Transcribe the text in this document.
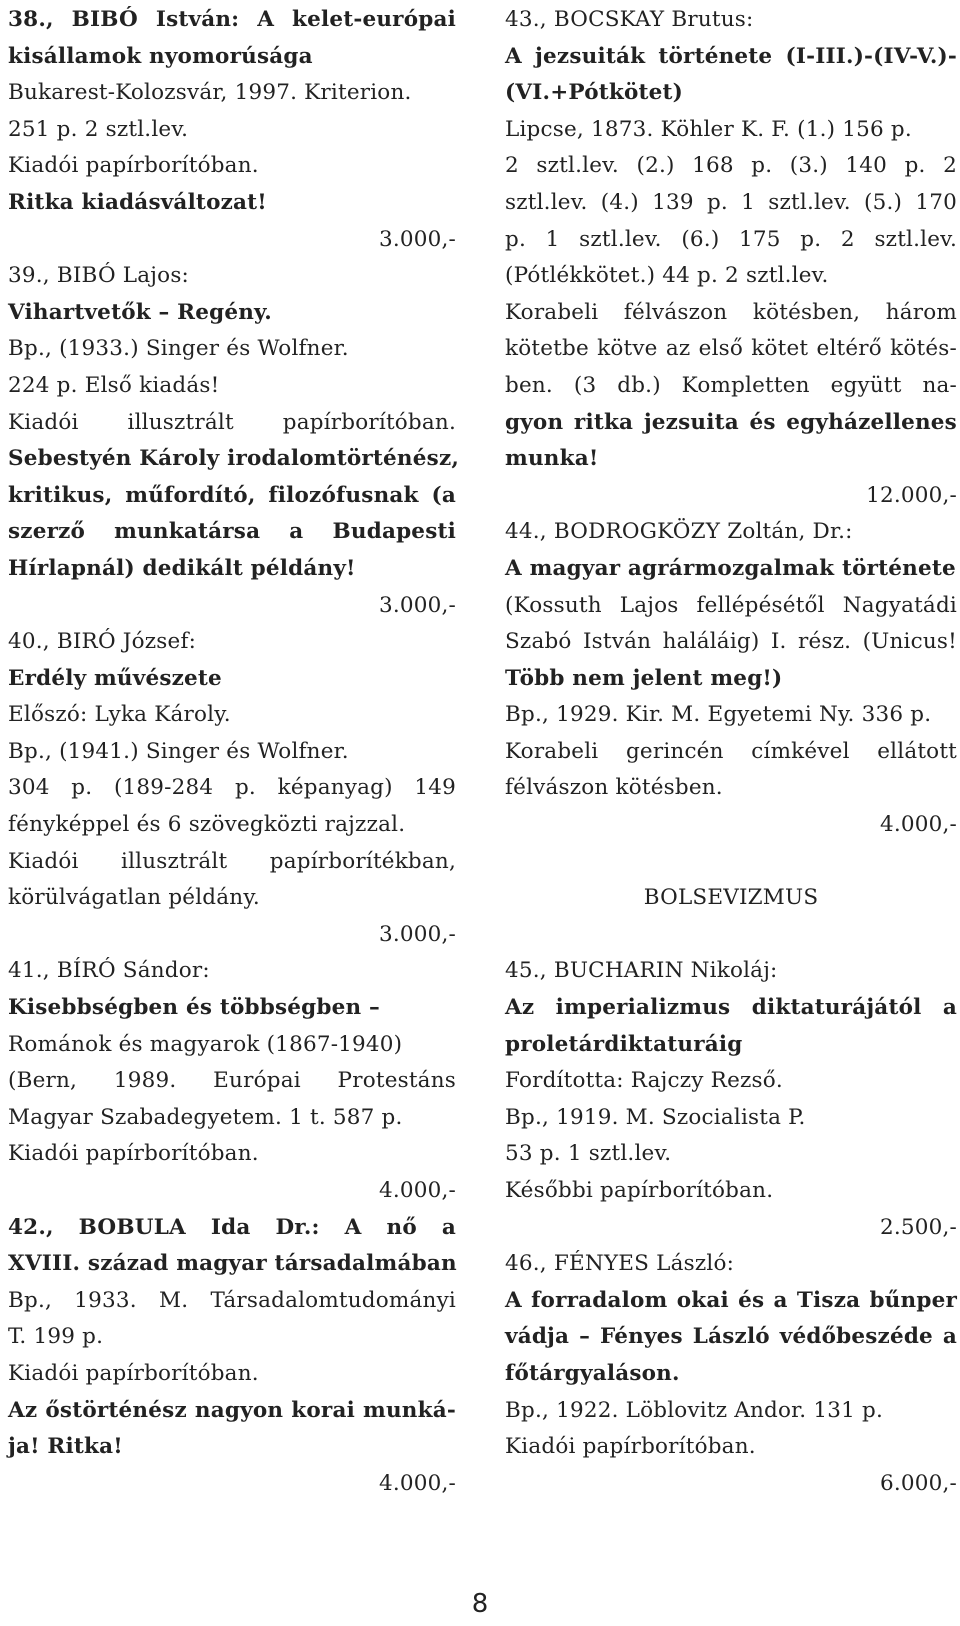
38., BIBÓ István: A kelet-európai
kisállamok nyomorúsága
Bukarest-Kolozsvár, 1997. Kriterion.
251 p. 2 sztl.lev.
Kiadói papírborítóban.
Ritka kiadásváltozat!
3.000,-
39., BIBÓ Lajos:
Vihartvetők – Regény.
Bp., (1933.) Singer és Wolfner.
224 p. Első kiadás!
Kiadói illusztrált papírborítóban.
Sebestyén Károly irodalomtörténész,
kritikus, műfordító, filozófusnak (a
szerző munkatársa a Budapesti
Hírlapnál) dedikált példány!
3.000,-
40., BIRÓ József:
Erdély művészete
Előszó: Lyka Károly.
Bp., (1941.) Singer és Wolfner.
304 p. (189-284 p. képanyag) 149
fényképpel és 6 szövegközti rajzzal.
Kiadói illusztrált papírborítékban,
körülvágatlan példány.
3.000,-
41., BÍRÓ Sándor:
Kisebbségben és többségben –
Románok és magyarok (1867-1940)
(Bern, 1989. Európai Protestáns
Magyar Szabadegyetem. 1 t. 587 p.
Kiadói papírborítóban.
4.000,-
42., BOBULA Ida Dr.: A nő a
XVIII. század magyar társadalmában
Bp., 1933. M. Társadalomtudományi
T. 199 p.
Kiadói papírborítóban.
Az őstörténész nagyon korai munká-
ja! Ritka!
4.000,-
43., BOCSKAY Brutus:
A jezsuiták története (I-III.)-(IV-V.)-
(VI.+Pótkötet)
Lipcse, 1873. Köhler K. F. (1.) 156 p.
2 sztl.lev. (2.) 168 p. (3.) 140 p. 2
sztl.lev. (4.) 139 p. 1 sztl.lev. (5.) 170
p. 1 sztl.lev. (6.) 175 p. 2 sztl.lev.
(Pótlékkötet.) 44 p. 2 sztl.lev.
Korabeli félvászon kötésben, három
kötetbe kötve az első kötet eltérő kötés-
ben. (3 db.) Kompletten együtt na-
gyon ritka jezsuita és egyházellenes
munka!
12.000,-
44., BODROGKÖZY Zoltán, Dr.:
A magyar agrármozgalmak története
(Kossuth Lajos fellépésétől Nagyatádi
Szabó István haláláig) I. rész. (Unicus!
Több nem jelent meg!)
Bp., 1929. Kir. M. Egyetemi Ny. 336 p.
Korabeli gerincén címkével ellátott
félvászon kötésben.
4.000,-
BOLSEVIZMUS
45., BUCHARIN Nikoláj:
Az imperializmus diktaturájától a
proletárdiktaturáig
Fordította: Rajczy Rezső.
Bp., 1919. M. Szocialista P.
53 p. 1 sztl.lev.
Későbbi papírborítóban.
2.500,-
46., FÉNYES László:
A forradalom okai és a Tisza bűnper
vádja – Fényes László védőbeszéde a
főtárgyaláson.
Bp., 1922. Löblovitz Andor. 131 p.
Kiadói papírborítóban.
6.000,-
8
